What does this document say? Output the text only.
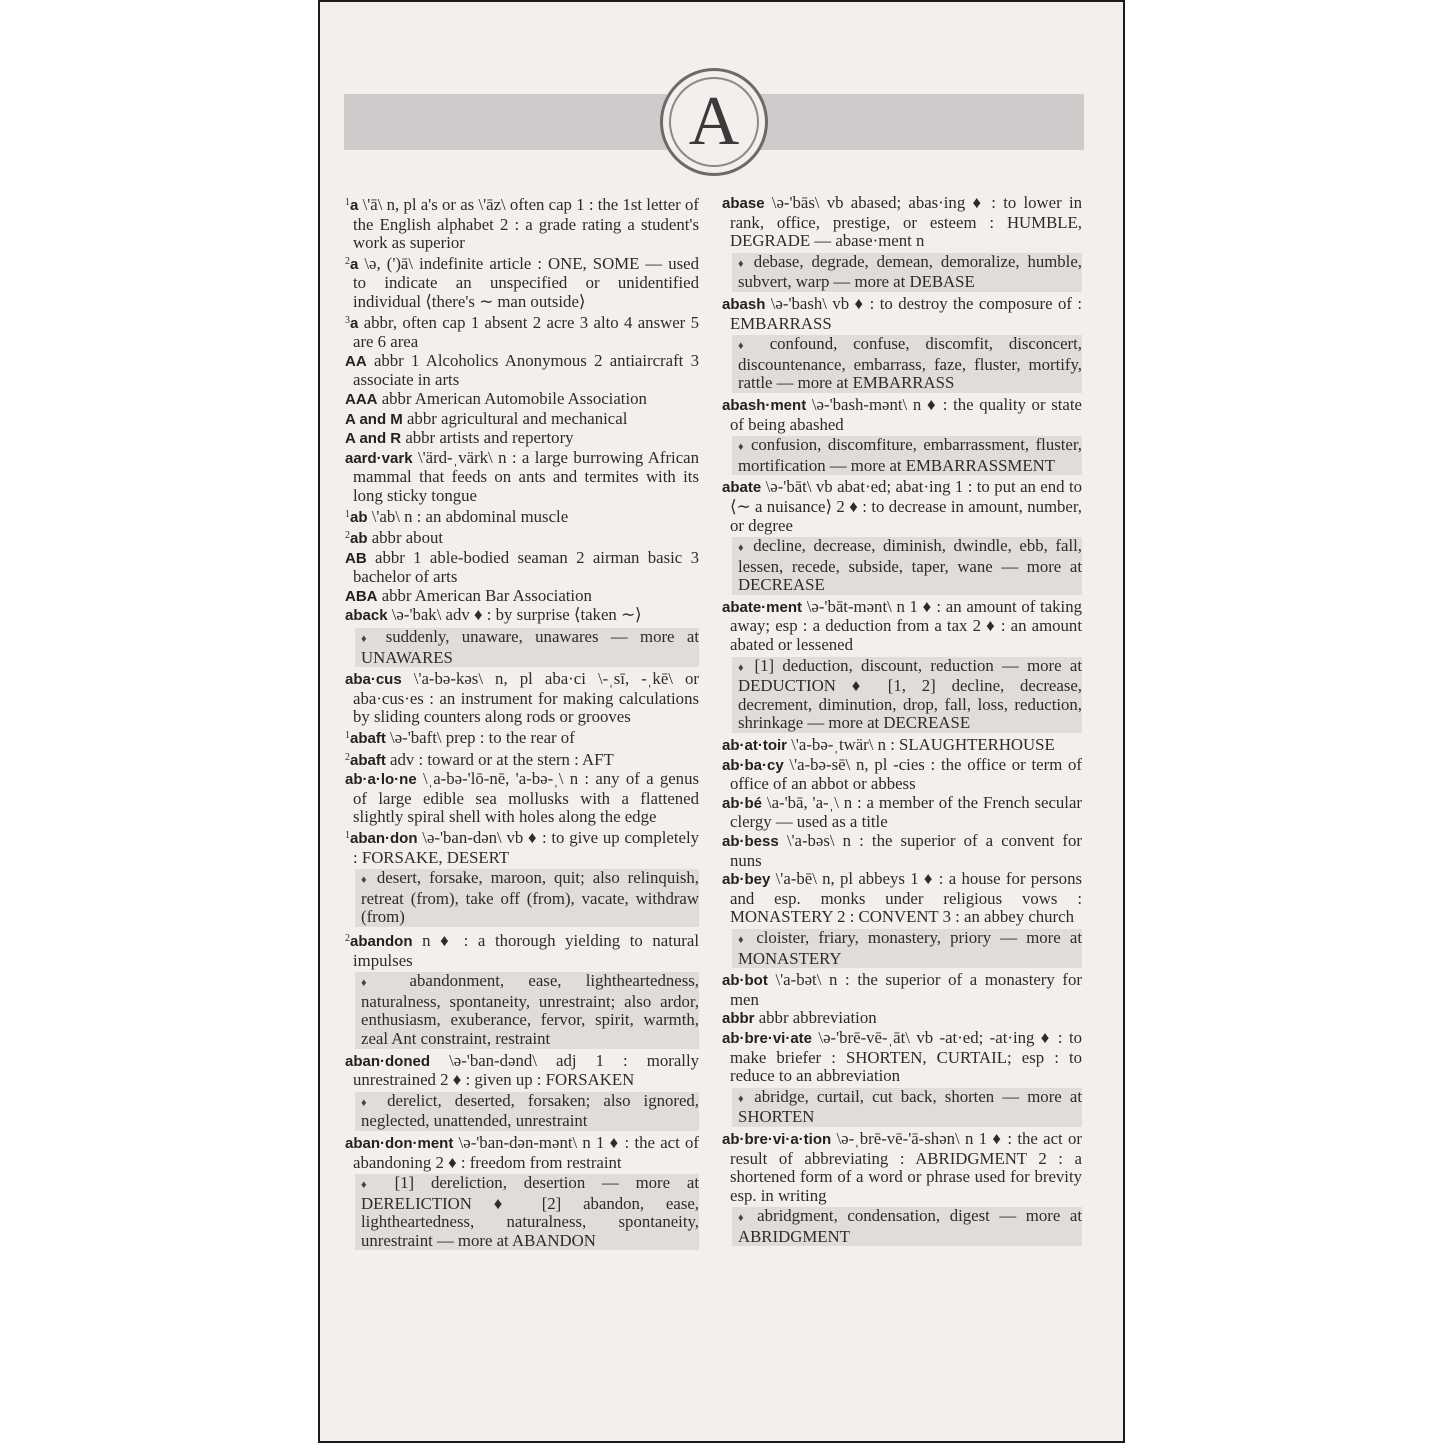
A
$^1$a \'ā\ n, pl a's or as \'āz\ often cap 1 : the 1st letter of the English alphabet 2 : a grade rating a student's work as superior
$^2$a \ə, (')ā\ indefinite article : ONE, SOME — used to indicate an unspecified or unidentified individual ⟨there's ∼ man outside⟩
$^3$a abbr, often cap 1 absent 2 acre 3 alto 4 answer 5 are 6 area
AA abbr 1 Alcoholics Anonymous 2 antiaircraft 3 associate in arts
AAA abbr American Automobile Association
A and M abbr agricultural and mechanical
A and R abbr artists and repertory
aard·vark \'ärd-ˌvärk\ n : a large burrowing African mammal that feeds on ants and termites with its long sticky tongue
$^1$ab \'ab\ n : an abdominal muscle
$^2$ab abbr about
AB abbr 1 able-bodied seaman 2 airman basic 3 bachelor of arts
ABA abbr American Bar Association
aback \ə-'bak\ adv ♦ : by surprise ⟨taken ∼⟩
♦ suddenly, unaware, unawares — more at UNAWARES
aba·cus \'a-bə-kəs\ n, pl aba·ci \-ˌsī, -ˌkē\ or aba·cus·es : an instrument for making calculations by sliding counters along rods or grooves
$^1$abaft \ə-'baft\ prep : to the rear of
$^2$abaft adv : toward or at the stern : AFT
ab·a·lo·ne \ˌa-bə-'lō-nē, 'a-bə-ˌ\ n : any of a genus of large edible sea mollusks with a flattened slightly spiral shell with holes along the edge
$^1$aban·don \ə-'ban-dən\ vb ♦ : to give up completely : FORSAKE, DESERT
♦ desert, forsake, maroon, quit; also relinquish, retreat (from), take off (from), vacate, withdraw (from)
$^2$abandon n ♦ : a thorough yielding to natural impulses
♦ abandonment, ease, lightheartedness, naturalness, spontaneity, unrestraint; also ardor, enthusiasm, exuberance, fervor, spirit, warmth, zeal Ant constraint, restraint
aban·doned \ə-'ban-dənd\ adj 1 : morally unrestrained 2 ♦ : given up : FORSAKEN
♦ derelict, deserted, forsaken; also ignored, neglected, unattended, unrestraint
aban·don·ment \ə-'ban-dən-mənt\ n 1 ♦ : the act of abandoning 2 ♦ : freedom from restraint
♦ [1] dereliction, desertion — more at DERELICTION ♦ [2] abandon, ease, lightheartedness, naturalness, spontaneity, unrestraint — more at ABANDON
abase \ə-'bās\ vb abased; abas·ing ♦ : to lower in rank, office, prestige, or esteem : HUMBLE, DEGRADE — abase·ment n
♦ debase, degrade, demean, demoralize, humble, subvert, warp — more at DEBASE
abash \ə-'bash\ vb ♦ : to destroy the composure of : EMBARRASS
♦ confound, confuse, discomfit, disconcert, discountenance, embarrass, faze, fluster, mortify, rattle — more at EMBARRASS
abash·ment \ə-'bash-mənt\ n ♦ : the quality or state of being abashed
♦ confusion, discomfiture, embarrassment, fluster, mortification — more at EMBARRASSMENT
abate \ə-'bāt\ vb abat·ed; abat·ing 1 : to put an end to ⟨∼ a nuisance⟩ 2 ♦ : to decrease in amount, number, or degree
♦ decline, decrease, diminish, dwindle, ebb, fall, lessen, recede, subside, taper, wane — more at DECREASE
abate·ment \ə-'bāt-mənt\ n 1 ♦ : an amount of taking away; esp : a deduction from a tax 2 ♦ : an amount abated or lessened
♦ [1] deduction, discount, reduction — more at DEDUCTION ♦ [1, 2] decline, decrease, decrement, diminution, drop, fall, loss, reduction, shrinkage — more at DECREASE
ab·at·toir \'a-bə-ˌtwär\ n : SLAUGHTERHOUSE
ab·ba·cy \'a-bə-sē\ n, pl -cies : the office or term of office of an abbot or abbess
ab·bé \a-'bā, 'a-ˌ\ n : a member of the French secular clergy — used as a title
ab·bess \'a-bəs\ n : the superior of a convent for nuns
ab·bey \'a-bē\ n, pl abbeys 1 ♦ : a house for persons and esp. monks under religious vows : MONASTERY 2 : CONVENT 3 : an abbey church
♦ cloister, friary, monastery, priory — more at MONASTERY
ab·bot \'a-bət\ n : the superior of a monastery for men
abbr abbr abbreviation
ab·bre·vi·ate \ə-'brē-vē-ˌāt\ vb -at·ed; -at·ing ♦ : to make briefer : SHORTEN, CURTAIL; esp : to reduce to an abbreviation
♦ abridge, curtail, cut back, shorten — more at SHORTEN
ab·bre·vi·a·tion \ə-ˌbrē-vē-'ā-shən\ n 1 ♦ : the act or result of abbreviating : ABRIDGMENT 2 : a shortened form of a word or phrase used for brevity esp. in writing
♦ abridgment, condensation, digest — more at ABRIDGMENT
